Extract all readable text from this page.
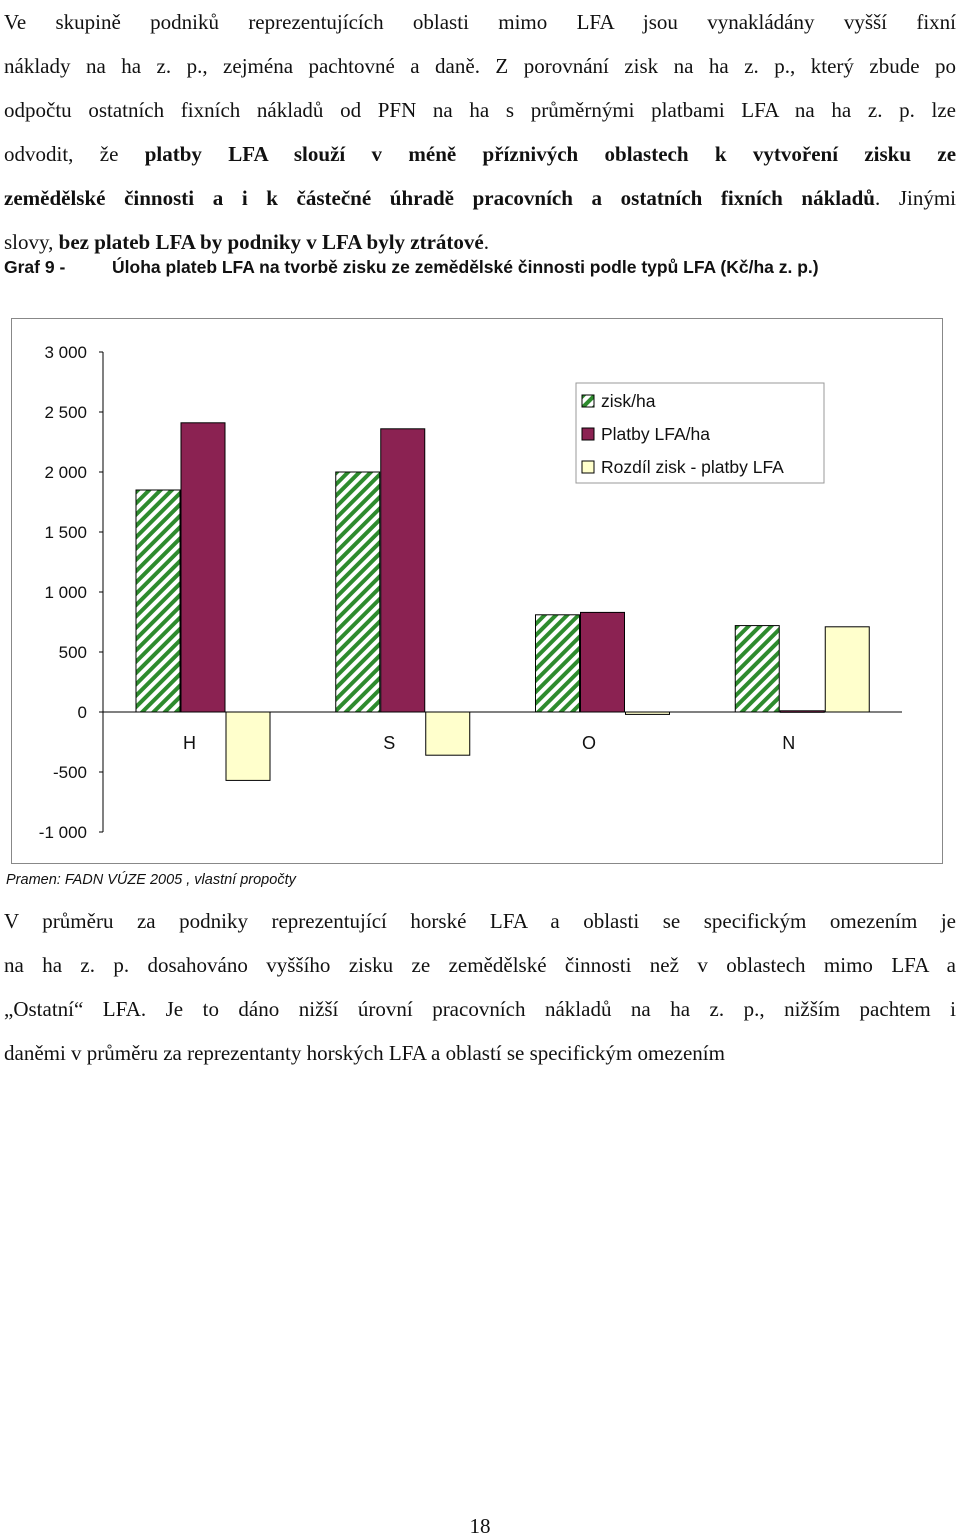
Ve skupině podniků reprezentujících oblasti mimo LFA jsou vynakládány vyšší fixní
náklady na ha z. p., zejména pachtovné a daně. Z porovnání zisk na ha z. p., který zbude po
odpočtu ostatních fixních nákladů od PFN na ha s průměrnými platbami LFA na ha z. p. lze
odvodit, že platby LFA slouží v méně příznivých oblastech k vytvoření zisku ze
zemědělské činnosti a i k částečné úhradě pracovních a ostatních fixních nákladů. Jinými
slovy, bez plateb LFA by podniky v LFA byly ztrátové.
Graf 9 -	Úloha plateb LFA na tvorbě zisku ze zemědělské činnosti podle typů LFA (Kč/ha z. p.)
3 000
2 500
2 000
1 500
1 000
500
0
-500
-1 000
H	S	O	N
zisk/ha
Platby LFA/ha
Rozdíl zisk - platby LFA
Pramen: FADN VÚZE 2005 , vlastní propočty
V průměru za podniky reprezentující horské LFA a oblasti se specifickým omezením je
na ha z. p. dosahováno vyššího zisku ze zemědělské činnosti než v oblastech mimo LFA a
„Ostatní“ LFA. Je to dáno nižší úrovní pracovních nákladů na ha z. p., nižším pachtem i
daněmi v průměru za reprezentanty horských LFA a oblastí se specifickým omezením
18
